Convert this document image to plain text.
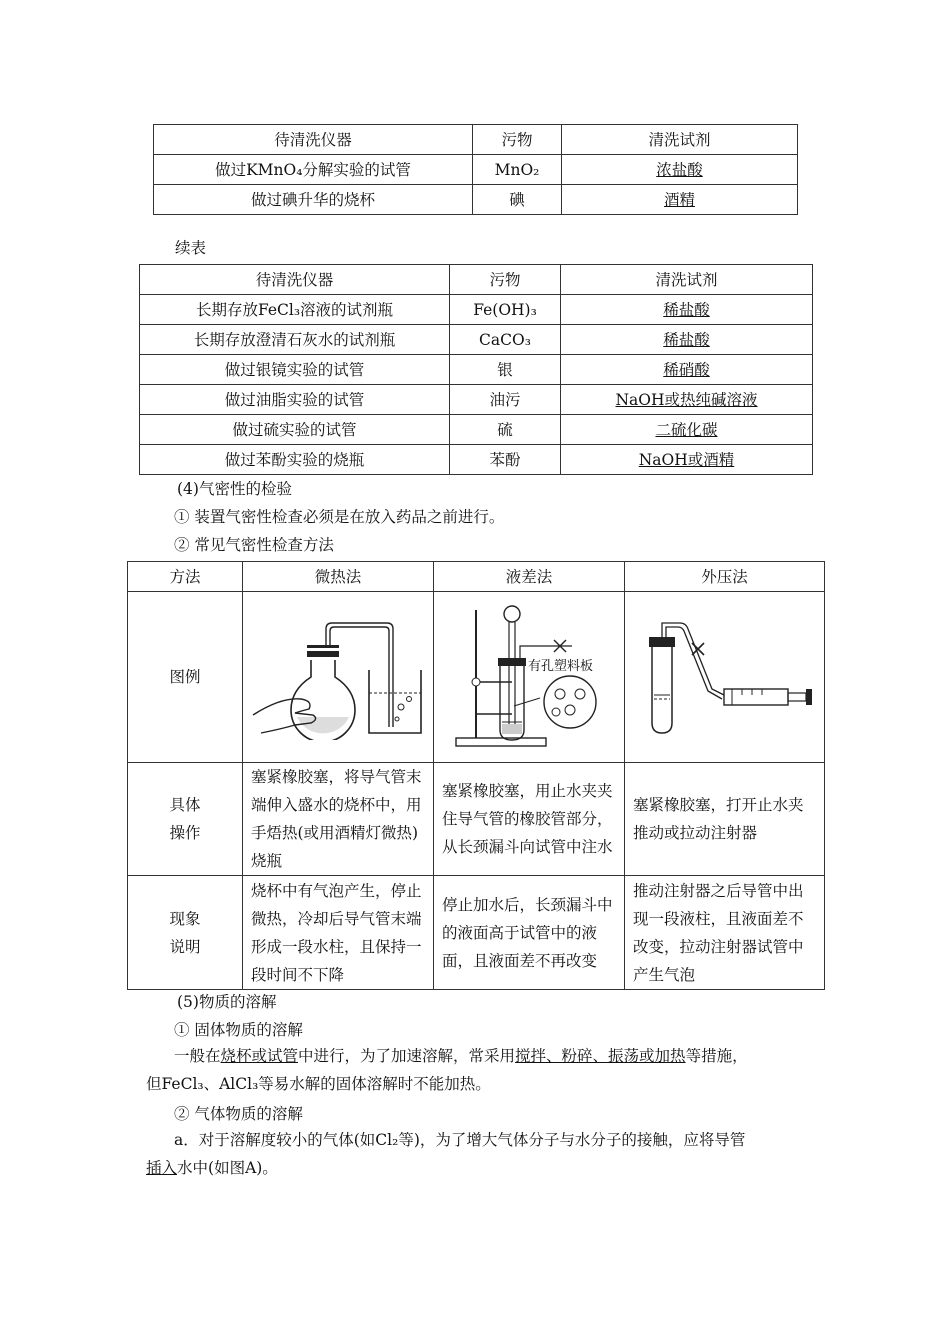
待清洗仪器	污物	清洗试剂
做过KMnO₄分解实验的试管	MnO₂	浓盐酸
做过碘升华的烧杯	碘	酒精
续表
待清洗仪器	污物	清洗试剂
长期存放FeCl₃溶液的试剂瓶	Fe(OH)₃	稀盐酸
长期存放澄清石灰水的试剂瓶	CaCO₃	稀盐酸
做过银镜实验的试管	银	稀硝酸
做过油脂实验的试管	油污	NaOH或热纯碱溶液
做过硫实验的试管	硫	二硫化碳
做过苯酚实验的烧瓶	苯酚	NaOH或酒精
(4)气密性的检验
① 装置气密性检查必须是在放入药品之前进行。
② 常见气密性检查方法
方法	微热法	液差法	外压法
图例		有孔塑料板

具体
操作	塞紧橡胶塞，将导气管末端伸入盛水的烧杯中，用手焐热(或用酒精灯微热)烧瓶	塞紧橡胶塞，用止水夹夹住导气管的橡胶管部分，从长颈漏斗向试管中注水	塞紧橡胶塞，打开止水夹推动或拉动注射器
现象
说明	烧杯中有气泡产生，停止微热，冷却后导气管末端形成一段水柱，且保持一段时间不下降	停止加水后，长颈漏斗中的液面高于试管中的液面，且液面差不再改变	推动注射器之后导管中出现一段液柱，且液面差不改变，拉动注射器试管中产生气泡
(5)物质的溶解
① 固体物质的溶解
一般在烧杯或试管中进行，为了加速溶解，常采用搅拌、粉碎、振荡或加热等措施，
但FeCl₃、AlCl₃等易水解的固体溶解时不能加热。
② 气体物质的溶解
a．对于溶解度较小的气体(如Cl₂等)，为了增大气体分子与水分子的接触，应将导管
插入水中(如图A)。
